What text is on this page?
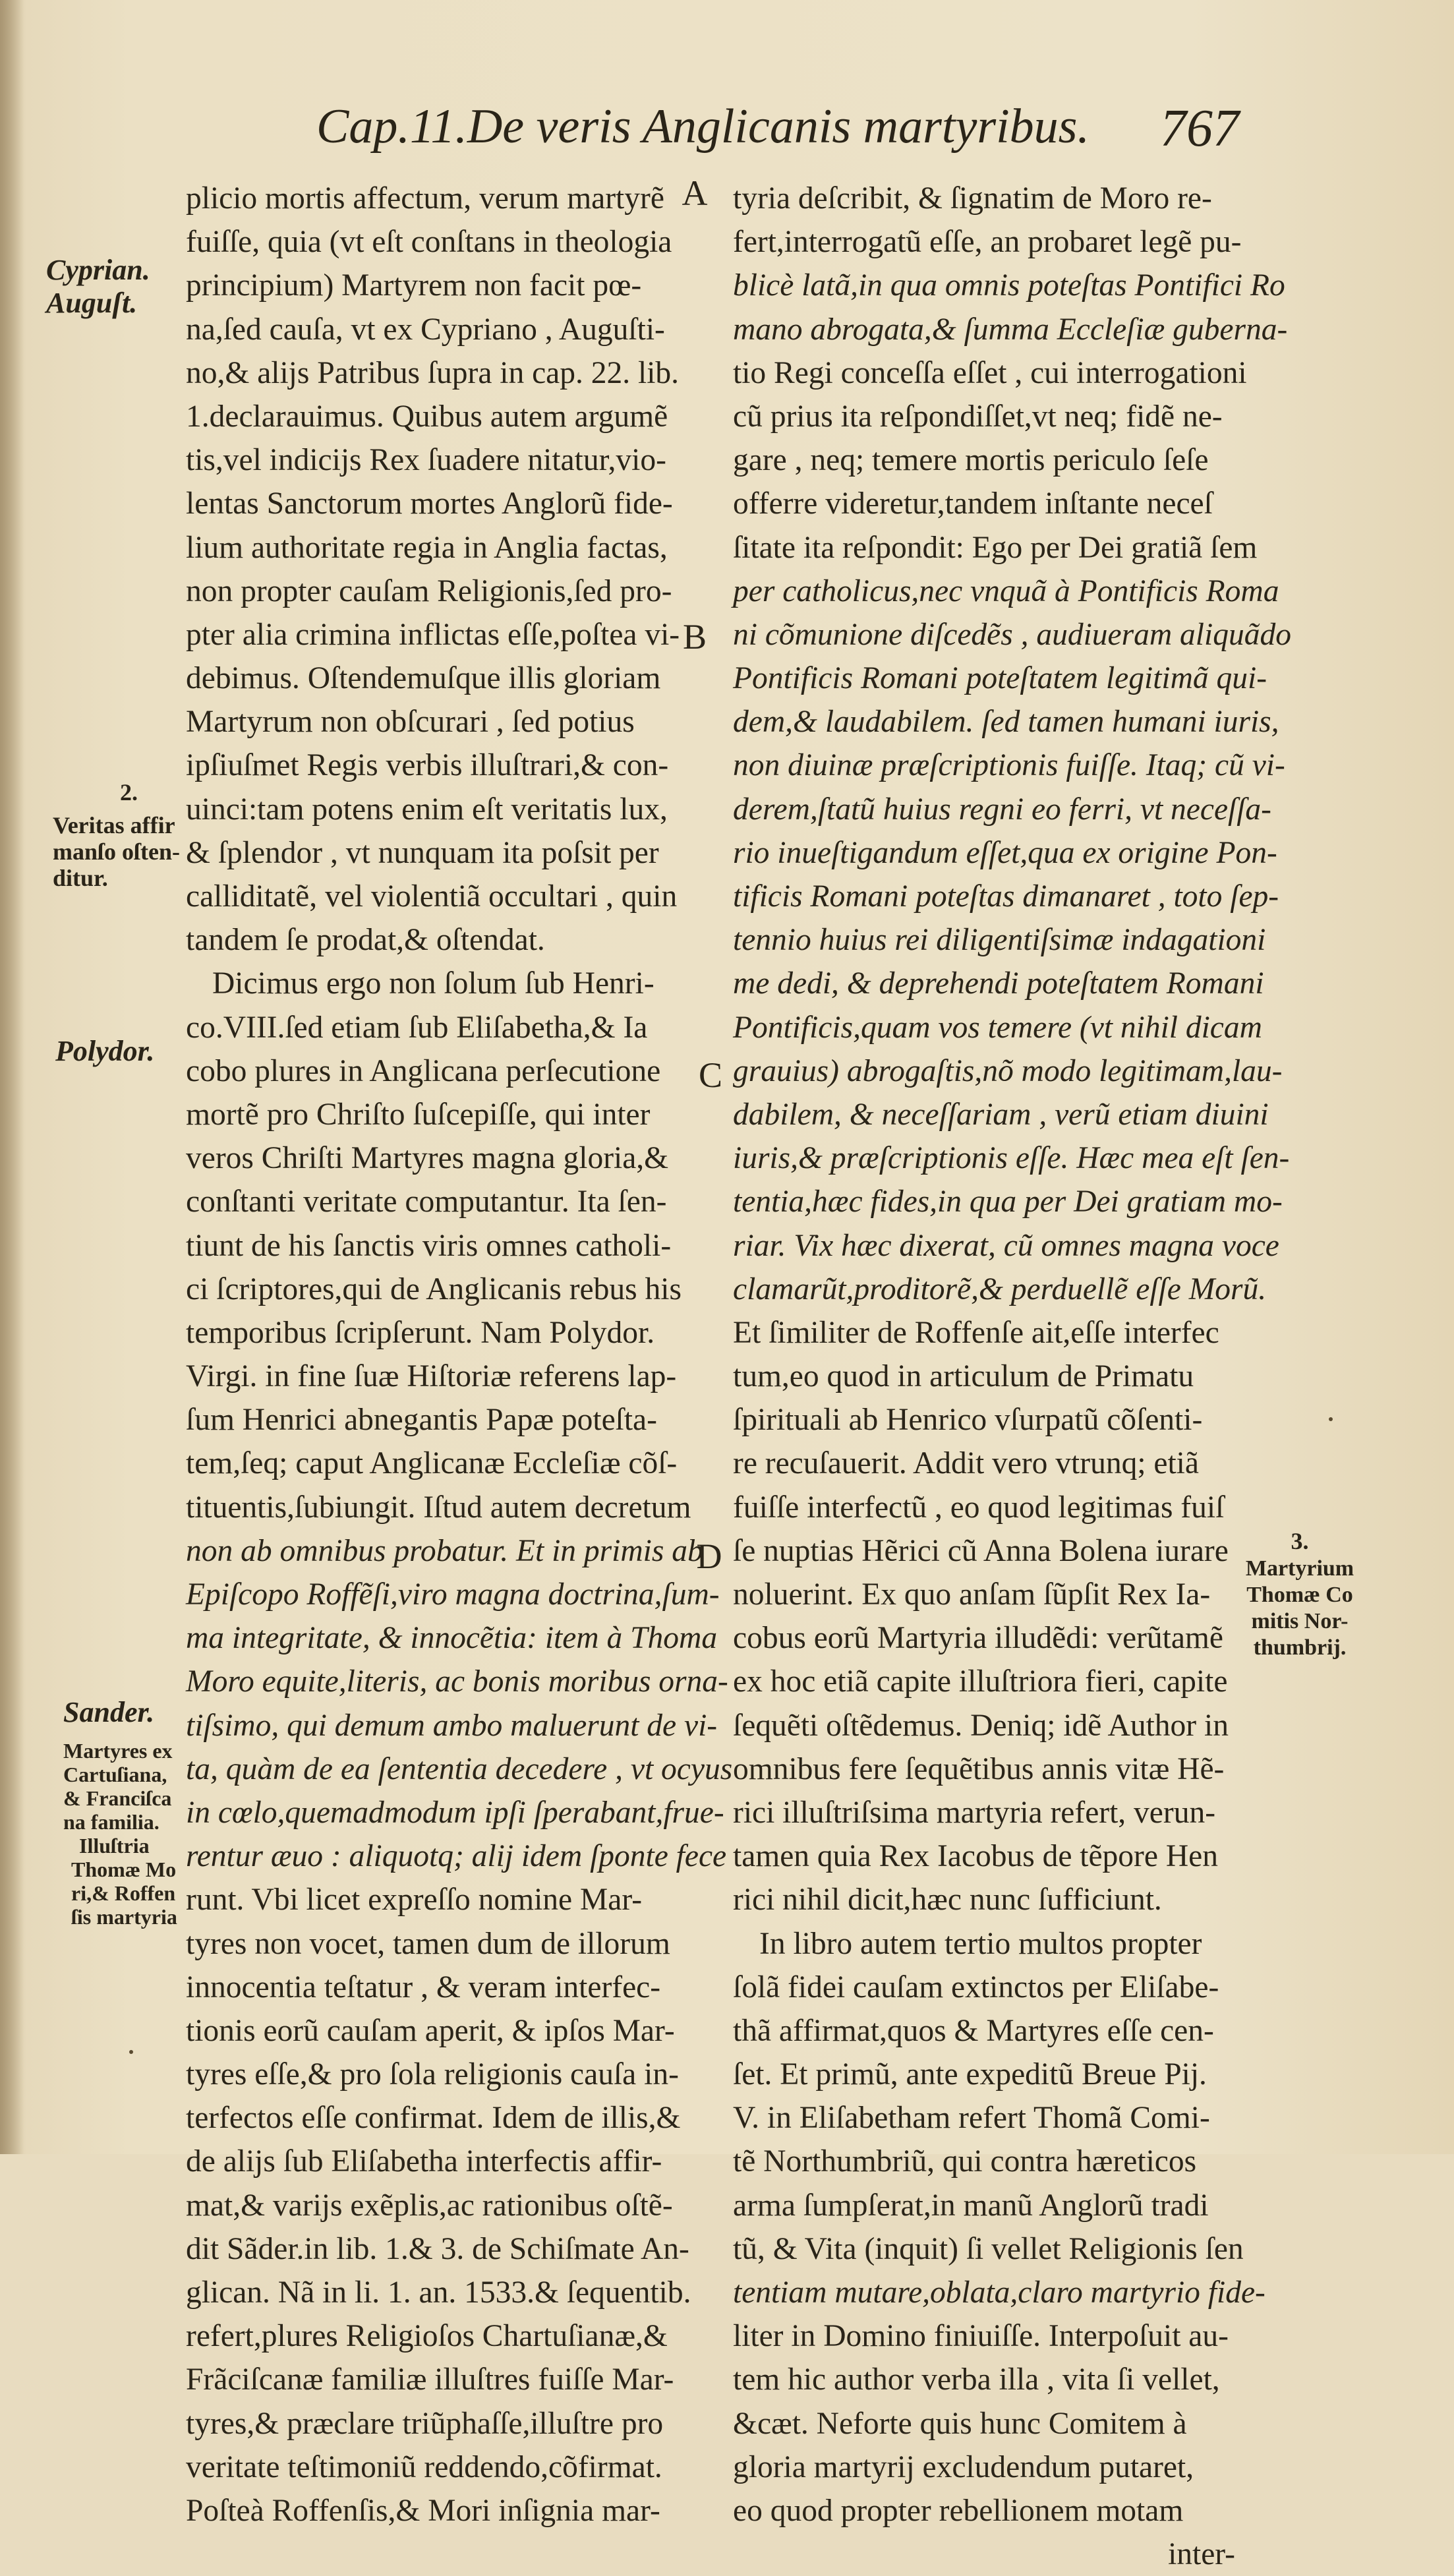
Cap.11.De veris Anglicanis martyribus.	767
A
B
C
D
Cyprian.
Auguſt.
2.
Veritas affir
manſo oſten-
ditur.
Polydor.
Sander.
Martyres ex
Cartuſiana,
& Franciſca
na familia.
Illuſtria
Thomæ Mo
ri,& Roffen
ſis martyria
3.
Martyrium
Thomæ Co
mitis Nor-
thumbrij.
plicio mortis affectum, verum martyrẽ
fuiſſe, quia (vt eſt conſtans in theologia
principium) Martyrem non facit pœ-
na,ſed cauſa, vt ex Cypriano , Auguſti-
no,& alijs Patribus ſupra in cap. 22. lib.
1.declarauimus. Quibus autem argumẽ
tis,vel indicijs Rex ſuadere nitatur,vio-
lentas Sanctorum mortes Anglorũ fide-
lium authoritate regia in Anglia factas,
non propter cauſam Religionis,ſed pro-
pter alia crimina inflictas eſſe,poſtea vi-
debimus. Oſtendemuſque illis gloriam
Martyrum non obſcurari , ſed potius
ipſiuſmet Regis verbis illuſtrari,& con-
uinci:tam potens enim eſt veritatis lux,
& ſplendor , vt nunquam ita poſsit per
calliditatẽ, vel violentiã occultari , quin
tandem ſe prodat,& oſtendat.
Dicimus ergo non ſolum ſub Henri-
co.VIII.ſed etiam ſub Eliſabetha,& Ia
cobo plures in Anglicana perſecutione
mortẽ pro Chriſto ſuſcepiſſe, qui inter
veros Chriſti Martyres magna gloria,&
conſtanti veritate computantur. Ita ſen-
tiunt de his ſanctis viris omnes catholi-
ci ſcriptores,qui de Anglicanis rebus his
temporibus ſcripſerunt. Nam Polydor.
Virgi. in fine ſuæ Hiſtoriæ referens lap-
ſum Henrici abnegantis Papæ poteſta-
tem,ſeq; caput Anglicanæ Eccleſiæ cõſ-
tituentis,ſubiungit. Iſtud autem decretum
non ab omnibus probatur. Et in primis ab
Epiſcopo Roffẽſi,viro magna doctrina,ſum-
ma integritate, & innocẽtia: item à Thoma
Moro equite,literis, ac bonis moribus orna-
tiſsimo, qui demum ambo maluerunt de vi-
ta, quàm de ea ſententia decedere , vt ocyus
in cœlo,quemadmodum ipſi ſperabant,frue-
rentur æuo : aliquotq; alij idem ſponte fece
runt. Vbi licet expreſſo nomine Mar-
tyres non vocet, tamen dum de illorum
innocentia teſtatur , & veram interfec-
tionis eorũ cauſam aperit, & ipſos Mar-
tyres eſſe,& pro ſola religionis cauſa in-
terfectos eſſe confirmat. Idem de illis,&
de alijs ſub Eliſabetha interfectis affir-
mat,& varijs exẽplis,ac rationibus oſtẽ-
dit Sãder.in lib. 1.& 3. de Schiſmate An-
glican. Nã in li. 1. an. 1533.& ſequentib.
refert,plures Religioſos Chartuſianæ,&
Frãciſcanæ familiæ illuſtres fuiſſe Mar-
tyres,& præclare triũphaſſe,illuſtre pro
veritate teſtimoniũ reddendo,cõfirmat.
Poſteà Roffenſis,& Mori inſignia mar-
tyria deſcribit, & ſignatim de Moro re-
fert,interrogatũ eſſe, an probaret legẽ pu-
blicè latã,in qua omnis poteſtas Pontifici Ro
mano abrogata,& ſumma Eccleſiæ guberna-
tio Regi conceſſa eſſet , cui interrogationi
cũ prius ita reſpondiſſet,vt neq; fidẽ ne-
gare , neq; temere mortis periculo ſeſe
offerre videretur,tandem inſtante neceſ
ſitate ita reſpondit: Ego per Dei gratiã ſem
per catholicus,nec vnquã à Pontificis Roma
ni cõmunione diſcedẽs , audiueram aliquãdo
Pontificis Romani poteſtatem legitimã qui-
dem,& laudabilem. ſed tamen humani iuris,
non diuinæ præſcriptionis fuiſſe. Itaq; cũ vi-
derem,ſtatũ huius regni eo ferri, vt neceſſa-
rio inueſtigandum eſſet,qua ex origine Pon-
tificis Romani poteſtas dimanaret , toto ſep-
tennio huius rei diligentiſsimæ indagationi
me dedi, & deprehendi poteſtatem Romani
Pontificis,quam vos temere (vt nihil dicam
grauius) abrogaſtis,nõ modo legitimam,lau-
dabilem, & neceſſariam , verũ etiam diuini
iuris,& præſcriptionis eſſe. Hæc mea eſt ſen-
tentia,hæc fides,in qua per Dei gratiam mo-
riar. Vix hæc dixerat, cũ omnes magna voce
clamarũt,proditorẽ,& perduellẽ eſſe Morũ.
Et ſimiliter de Roffenſe ait,eſſe interfec
tum,eo quod in articulum de Primatu
ſpirituali ab Henrico vſurpatũ cõſenti-
re recuſauerit. Addit vero vtrunq; etiã
fuiſſe interfectũ , eo quod legitimas fuiſ
ſe nuptias Hẽrici cũ Anna Bolena iurare
noluerint. Ex quo anſam ſũpſit Rex Ia-
cobus eorũ Martyria illudẽdi: verũtamẽ
ex hoc etiã capite illuſtriora fieri, capite
ſequẽti oſtẽdemus. Deniq; idẽ Author in
omnibus fere ſequẽtibus annis vitæ Hẽ-
rici illuſtriſsima martyria refert, verun-
tamen quia Rex Iacobus de tẽpore Hen
rici nihil dicit,hæc nunc ſufficiunt.
In libro autem tertio multos propter
ſolã fidei cauſam extinctos per Eliſabe-
thã affirmat,quos & Martyres eſſe cen-
ſet. Et primũ, ante expeditũ Breue Pij.
V. in Eliſabetham refert Thomã Comi-
tẽ Northumbriũ, qui contra hæreticos
arma ſumpſerat,in manũ Anglorũ tradi
tũ, & Vita (inquit) ſi vellet Religionis ſen
tentiam mutare,oblata,claro martyrio fide-
liter in Domino finiuiſſe. Interpoſuit au-
tem hic author verba illa , vita ſi vellet,
&cæt. Neforte quis hunc Comitem à
gloria martyrij excludendum putaret,
eo quod propter rebellionem motam
inter-
